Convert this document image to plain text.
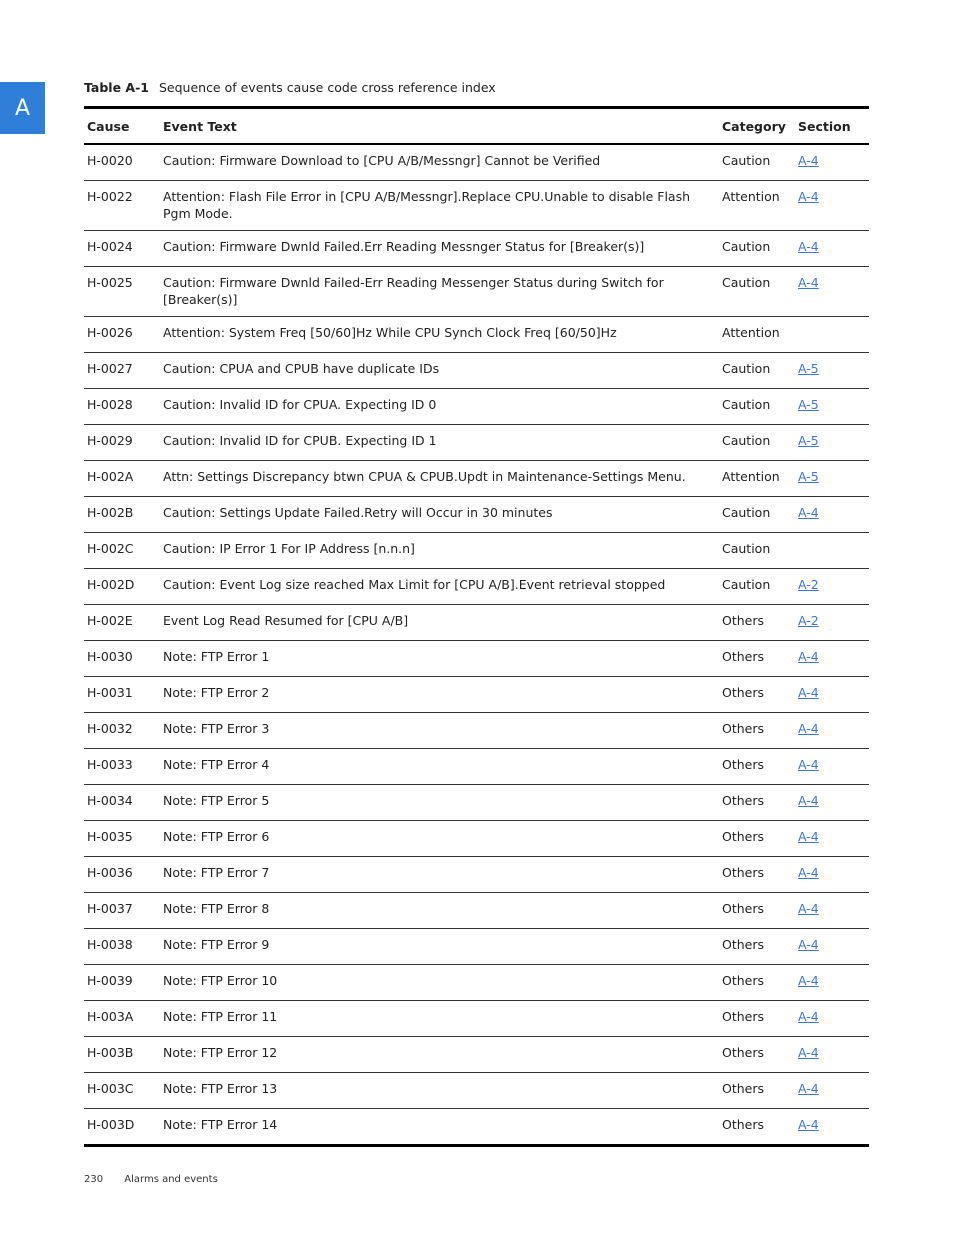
A
Table A-1 Sequence of events cause code cross reference index
Cause	Event Text	Category	Section
H-0020	Caution: Firmware Download to [CPU A/B/Messngr] Cannot be Verified	Caution	A-4
H-0022	Attention: Flash File Error in [CPU A/B/Messngr].Replace CPU.Unable to disable Flash Pgm Mode.	Attention	A-4
H-0024	Caution: Firmware Dwnld Failed.Err Reading Messnger Status for [Breaker(s)]	Caution	A-4
H-0025	Caution: Firmware Dwnld Failed-Err Reading Messenger Status during Switch for [Breaker(s)]	Caution	A-4
H-0026	Attention: System Freq [50/60]Hz While CPU Synch Clock Freq [60/50]Hz	Attention	
H-0027	Caution: CPUA and CPUB have duplicate IDs	Caution	A-5
H-0028	Caution: Invalid ID for CPUA. Expecting ID 0	Caution	A-5
H-0029	Caution: Invalid ID for CPUB. Expecting ID 1	Caution	A-5
H-002A	Attn: Settings Discrepancy btwn CPUA & CPUB.Updt in Maintenance-Settings Menu.	Attention	A-5
H-002B	Caution: Settings Update Failed.Retry will Occur in 30 minutes	Caution	A-4
H-002C	Caution: IP Error 1 For IP Address [n.n.n]	Caution	
H-002D	Caution: Event Log size reached Max Limit for [CPU A/B].Event retrieval stopped	Caution	A-2
H-002E	Event Log Read Resumed for [CPU A/B]	Others	A-2
H-0030	Note: FTP Error 1	Others	A-4
H-0031	Note: FTP Error 2	Others	A-4
H-0032	Note: FTP Error 3	Others	A-4
H-0033	Note: FTP Error 4	Others	A-4
H-0034	Note: FTP Error 5	Others	A-4
H-0035	Note: FTP Error 6	Others	A-4
H-0036	Note: FTP Error 7	Others	A-4
H-0037	Note: FTP Error 8	Others	A-4
H-0038	Note: FTP Error 9	Others	A-4
H-0039	Note: FTP Error 10	Others	A-4
H-003A	Note: FTP Error 11	Others	A-4
H-003B	Note: FTP Error 12	Others	A-4
H-003C	Note: FTP Error 13	Others	A-4
H-003D	Note: FTP Error 14	Others	A-4
230 Alarms and events
